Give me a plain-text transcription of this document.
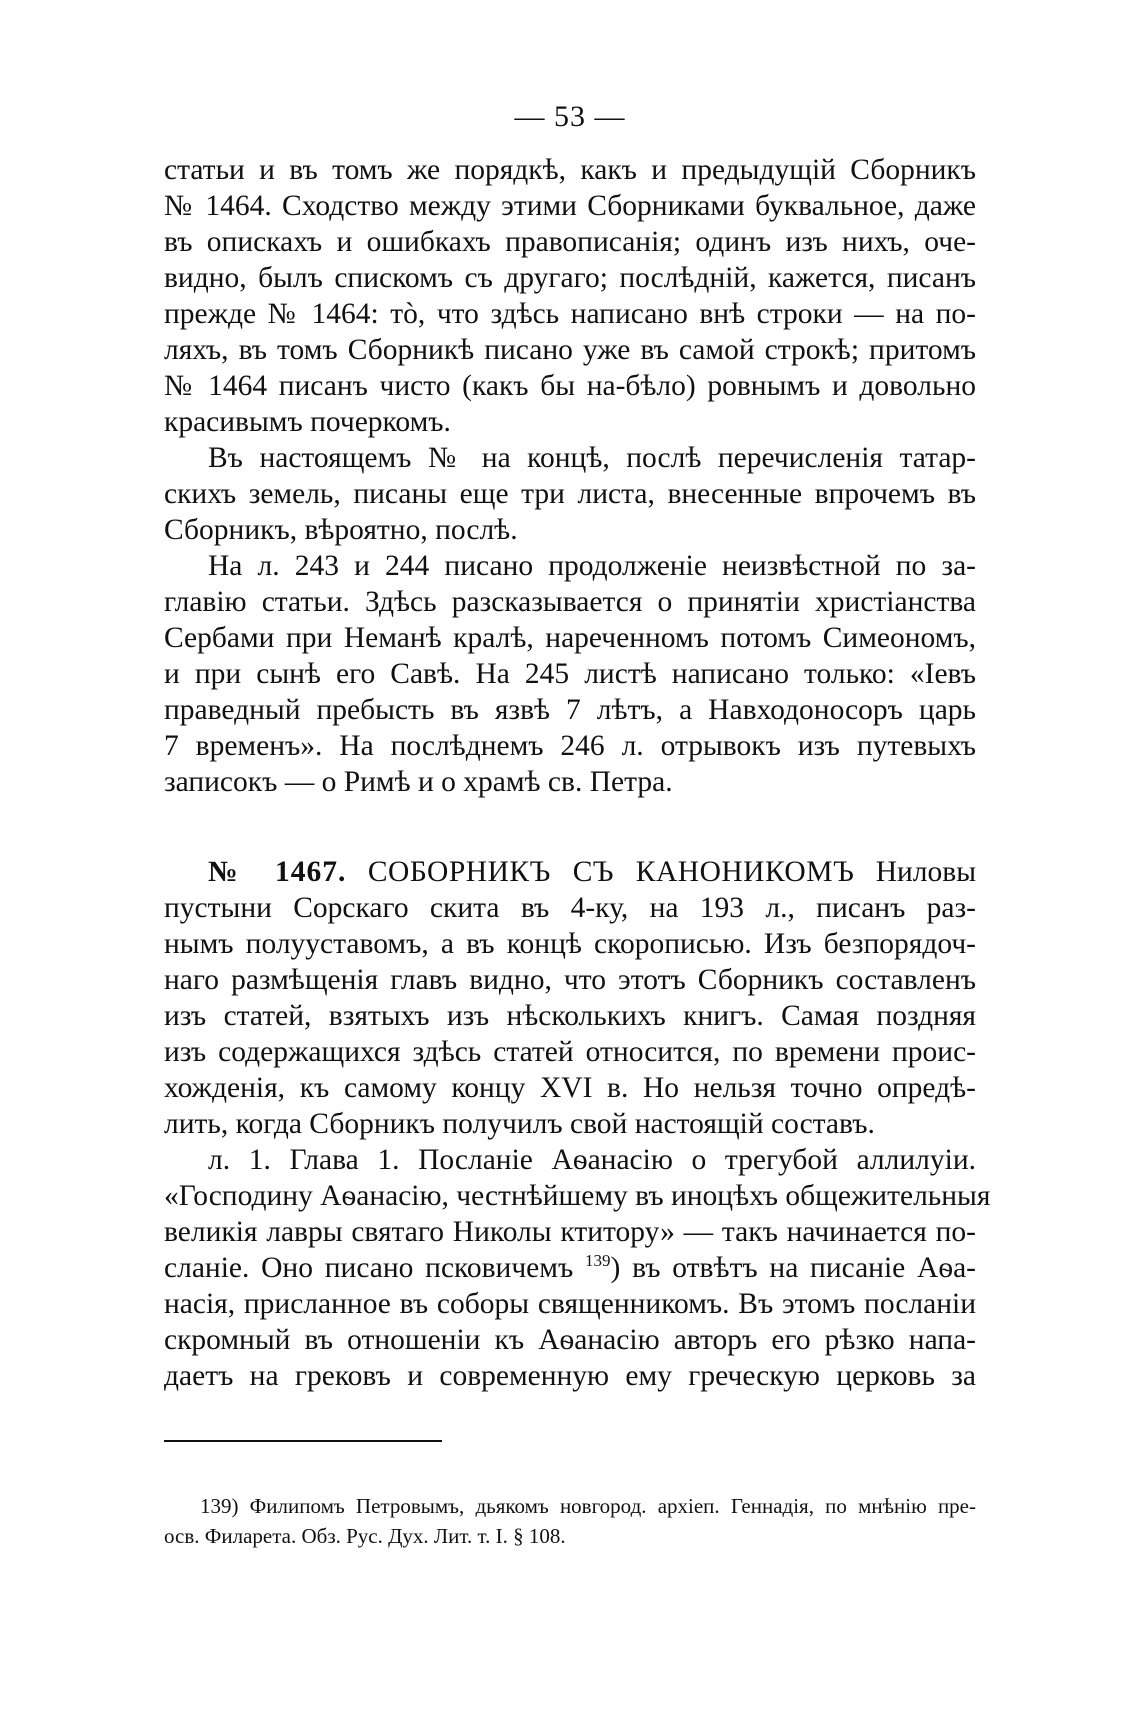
— 53 —
статьи и въ томъ же порядкѣ, какъ и предыдущій Сборникъ
№ 1464. Сходство между этими Сборниками буквальное, даже
въ опискахъ и ошибкахъ правописанія; одинъ изъ нихъ, оче-
видно, былъ спискомъ съ другаго; послѣдній, кажется, писанъ
прежде № 1464: тò, что здѣсь написано внѣ строки — на по-
ляхъ, въ томъ Сборникѣ писано уже въ самой строкѣ; притомъ
№ 1464 писанъ чисто (какъ бы на-бѣло) ровнымъ и довольно
красивымъ почеркомъ.
Въ настоящемъ № на концѣ, послѣ перечисленія татар-
скихъ земель, писаны еще три листа, внесенные впрочемъ въ
Сборникъ, вѣроятно, послѣ.
На л. 243 и 244 писано продолженіе неизвѣстной по за-
главію статьи. Здѣсь разсказывается о принятіи христіанства
Сербами при Неманѣ кралѣ, нареченномъ потомъ Симеономъ,
и при сынѣ его Савѣ. На 245 листѣ написано только: «Іевъ
праведный пребысть въ язвѣ 7 лѣтъ, а Навходоносоръ царь
7 временъ». На послѣднемъ 246 л. отрывокъ изъ путевыхъ
записокъ — о Римѣ и о храмѣ св. Петра.
№ 1467. СОБОРНИКЪ СЪ КАНОНИКОМЪ Ниловы
пустыни Сорскаго скита въ 4-ку, на 193 л., писанъ раз-
нымъ полууставомъ, а въ концѣ скорописью. Изъ безпорядоч-
наго размѣщенія главъ видно, что этотъ Сборникъ составленъ
изъ статей, взятыхъ изъ нѣсколькихъ книгъ. Самая поздняя
изъ содержащихся здѣсь статей относится, по времени проис-
хожденія, къ самому концу XVI в. Но нельзя точно опредѣ-
лить, когда Сборникъ получилъ свой настоящій составъ.
л. 1. Глава 1. Посланіе Аѳанасію о трегубой аллилуіи.
«Господину Аѳанасію, честнѣйшему въ иноцѣхъ общежительныя
великія лавры святаго Николы ктитору» — такъ начинается по-
сланіе. Оно писано псковичемъ $^{139}$) въ отвѣтъ на писаніе Аѳа-
насія, присланное въ соборы священникомъ. Въ этомъ посланіи
скромный въ отношеніи къ Аѳанасію авторъ его рѣзко напа-
даетъ на грековъ и современную ему греческую церковь за
139) Филипомъ Петровымъ, дьякомъ новгород. архіеп. Геннадія, по мнѣнію пре-
осв. Филарета. Обз. Рус. Дух. Лит. т. I. § 108.
